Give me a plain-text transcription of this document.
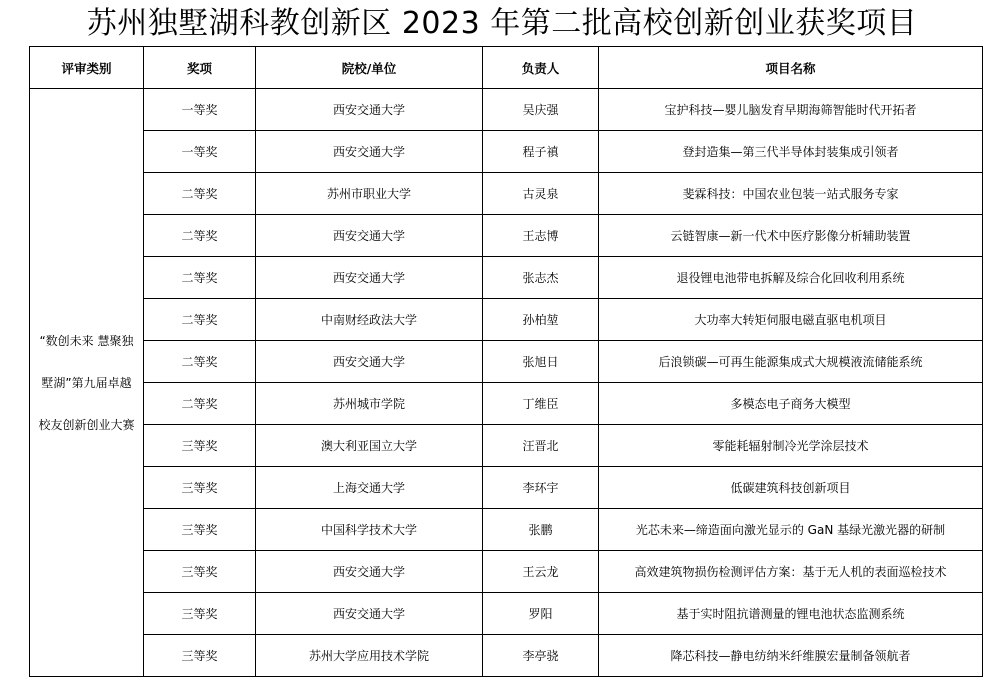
苏州独墅湖科教创新区 2023 年第二批高校创新创业获奖项目
评审类别	奖项	院校/单位	负责人	项目名称
“数创未来 慧聚独墅湖”第九届卓越校友创新创业大赛	一等奖	西安交通大学	吴庆强	宝护科技—婴儿脑发育早期海筛智能时代开拓者
	一等奖	西安交通大学	程子禛	登封造集—第三代半导体封装集成引领者
	二等奖	苏州市职业大学	古灵泉	斐霖科技：中国农业包装一站式服务专家
	二等奖	西安交通大学	王志博	云链智康—新一代术中医疗影像分析辅助装置
	二等奖	西安交通大学	张志杰	退役锂电池带电拆解及综合化回收利用系统
	二等奖	中南财经政法大学	孙柏堃	大功率大转矩伺服电磁直驱电机项目
	二等奖	西安交通大学	张旭日	后浪锁碳—可再生能源集成式大规模液流储能系统
	二等奖	苏州城市学院	丁维臣	多模态电子商务大模型
	三等奖	澳大利亚国立大学	汪晋北	零能耗辐射制冷光学涂层技术
	三等奖	上海交通大学	李环宇	低碳建筑科技创新项目
	三等奖	中国科学技术大学	张鹏	光芯未来—缔造面向激光显示的 GaN 基绿光激光器的研制
	三等奖	西安交通大学	王云龙	高效建筑物损伤检测评估方案：基于无人机的表面巡检技术
	三等奖	西安交通大学	罗阳	基于实时阻抗谱测量的锂电池状态监测系统
	三等奖	苏州大学应用技术学院	李亭骁	降芯科技—静电纺纳米纤维膜宏量制备领航者
